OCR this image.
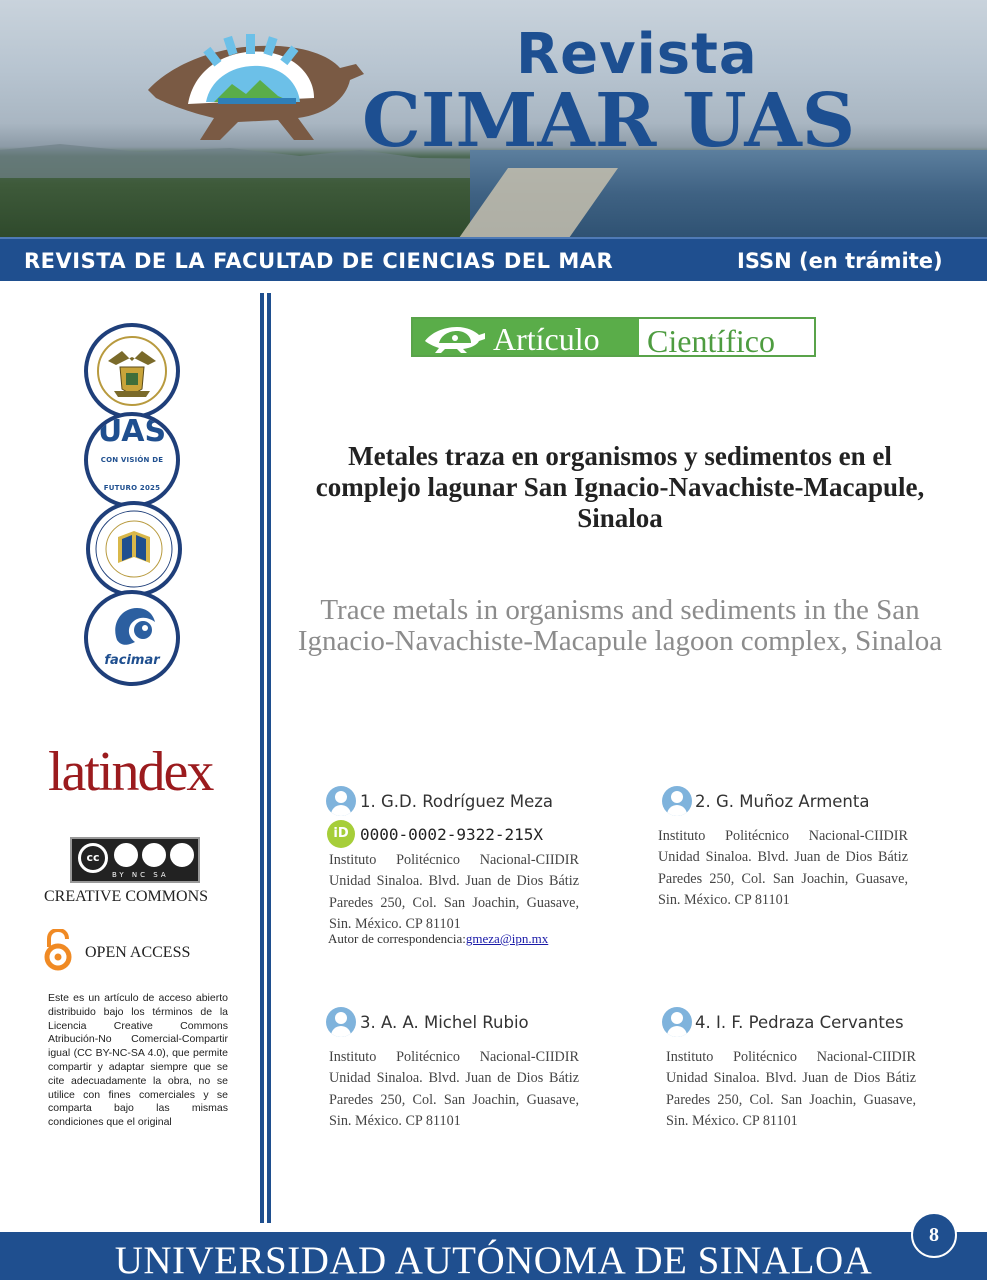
Revista
CIMAR UAS
REVISTA DE LA FACULTAD DE CIENCIAS DEL MAR	ISSN (en trámite)
UAS
CON VISIÓN DE FUTURO 2025
facimar
latindex
cc
BY NC SA
CREATIVE COMMONS
OPEN ACCESS
Este es un artículo de acceso abierto distribuido bajo los términos de la Licencia Creative Commons Atribución-No Comercial-Compartir igual (CC BY-NC-SA 4.0), que permite compartir y adaptar siempre que se cite adecuadamente la obra, no se utilice con fines comerciales y se comparta bajo las mismas condiciones que el original
Artículo Científico
Metales traza en organismos y sedimentos en el complejo lagunar San Ignacio-Navachiste-Macapule, Sinaloa
Trace metals in organisms and sediments in the San Ignacio-Navachiste-Macapule lagoon complex, Sinaloa
1. G.D. Rodríguez Meza
iD 0000-0002-9322-215X
Instituto Politécnico Nacional-CIIDIR Unidad Sinaloa. Blvd. Juan de Dios Bátiz Paredes 250, Col. San Joachin, Guasave, Sin. México. CP 81101
Autor de correspondencia:gmeza@ipn.mx
2. G. Muñoz Armenta
Instituto Politécnico Nacional-CIIDIR Unidad Sinaloa. Blvd. Juan de Dios Bátiz Paredes 250, Col. San Joachin, Guasave, Sin. México. CP 81101
3. A. A. Michel Rubio
Instituto Politécnico Nacional-CIIDIR Unidad Sinaloa. Blvd. Juan de Dios Bátiz Paredes 250, Col. San Joachin, Guasave, Sin. México. CP 81101
4. I. F. Pedraza Cervantes
Instituto Politécnico Nacional-CIIDIR Unidad Sinaloa. Blvd. Juan de Dios Bátiz Paredes 250, Col. San Joachin, Guasave, Sin. México. CP 81101
UNIVERSIDAD AUTÓNOMA DE SINALOA
8
